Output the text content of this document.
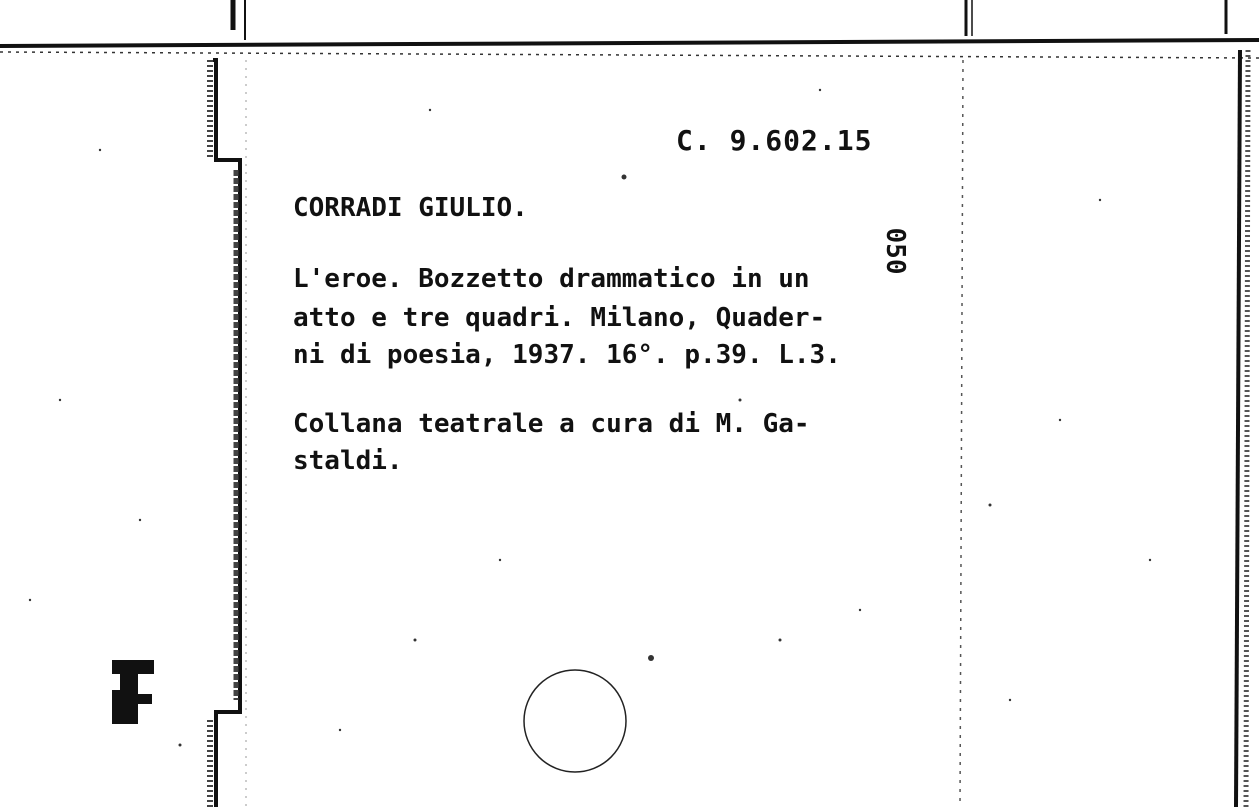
C. 9.602.15

CORRADI GIULIO.

050

L'eroe. Bozzetto drammatico in un

atto e tre quadri. Milano, Quader-

ni di poesia, 1937. 16°. p.39. L.3.

Collana teatrale a cura di M. Ga-

staldi.
